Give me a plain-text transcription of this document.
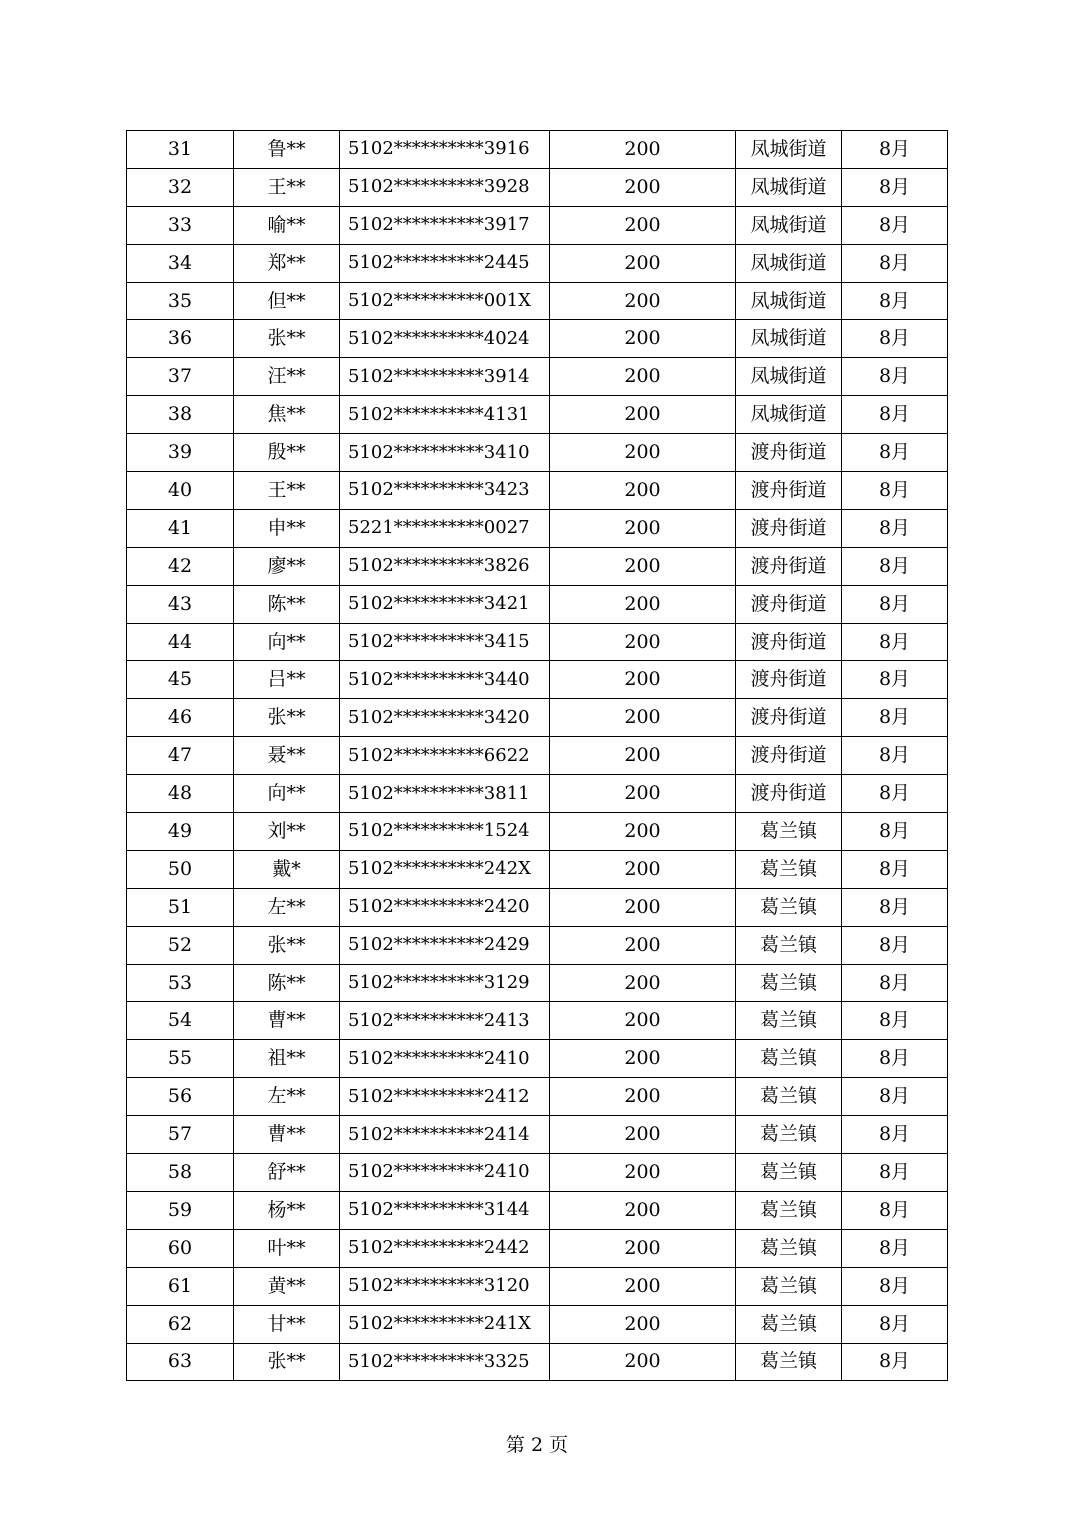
31	鲁**	5102**********3916	200	凤城街道	8月
32	王**	5102**********3928	200	凤城街道	8月
33	喻**	5102**********3917	200	凤城街道	8月
34	郑**	5102**********2445	200	凤城街道	8月
35	但**	5102**********001X	200	凤城街道	8月
36	张**	5102**********4024	200	凤城街道	8月
37	汪**	5102**********3914	200	凤城街道	8月
38	焦**	5102**********4131	200	凤城街道	8月
39	殷**	5102**********3410	200	渡舟街道	8月
40	王**	5102**********3423	200	渡舟街道	8月
41	申**	5221**********0027	200	渡舟街道	8月
42	廖**	5102**********3826	200	渡舟街道	8月
43	陈**	5102**********3421	200	渡舟街道	8月
44	向**	5102**********3415	200	渡舟街道	8月
45	吕**	5102**********3440	200	渡舟街道	8月
46	张**	5102**********3420	200	渡舟街道	8月
47	聂**	5102**********6622	200	渡舟街道	8月
48	向**	5102**********3811	200	渡舟街道	8月
49	刘**	5102**********1524	200	葛兰镇	8月
50	戴*	5102**********242X	200	葛兰镇	8月
51	左**	5102**********2420	200	葛兰镇	8月
52	张**	5102**********2429	200	葛兰镇	8月
53	陈**	5102**********3129	200	葛兰镇	8月
54	曹**	5102**********2413	200	葛兰镇	8月
55	祖**	5102**********2410	200	葛兰镇	8月
56	左**	5102**********2412	200	葛兰镇	8月
57	曹**	5102**********2414	200	葛兰镇	8月
58	舒**	5102**********2410	200	葛兰镇	8月
59	杨**	5102**********3144	200	葛兰镇	8月
60	叶**	5102**********2442	200	葛兰镇	8月
61	黄**	5102**********3120	200	葛兰镇	8月
62	甘**	5102**********241X	200	葛兰镇	8月
63	张**	5102**********3325	200	葛兰镇	8月
第 2 页
